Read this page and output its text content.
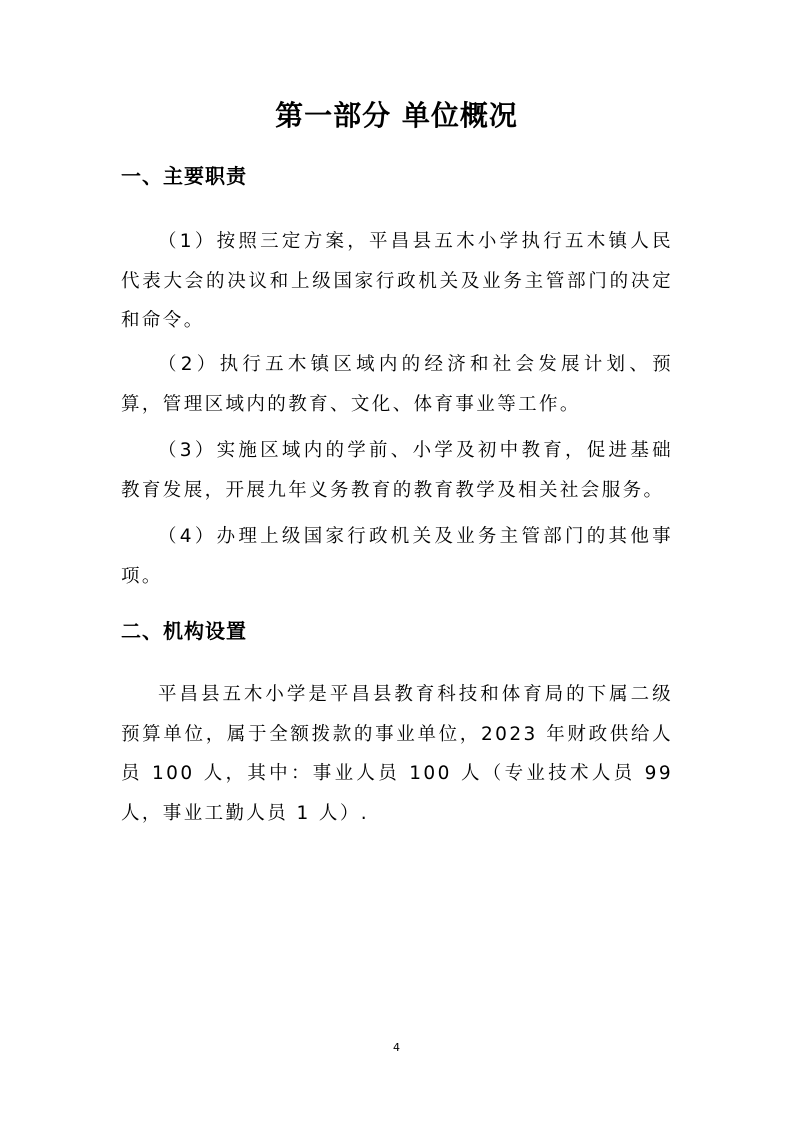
第一部分 单位概况
一、主要职责

（1）按照三定方案，平昌县五木小学执行五木镇人民代表大会的决议和上级国家行政机关及业务主管部门的决定和命令。

（2）执行五木镇区域内的经济和社会发展计划、预算，管理区域内的教育、文化、体育事业等工作。

（3）实施区域内的学前、小学及初中教育，促进基础教育发展，开展九年义务教育的教育教学及相关社会服务。

（4）办理上级国家行政机关及业务主管部门的其他事项。

二、机构设置

平昌县五木小学是平昌县教育科技和体育局的下属二级预算单位，属于全额拨款的事业单位，2023 年财政供给人员 100 人，其中：事业人员 100 人（专业技术人员 99 人，事业工勤人员 1 人）.

4
